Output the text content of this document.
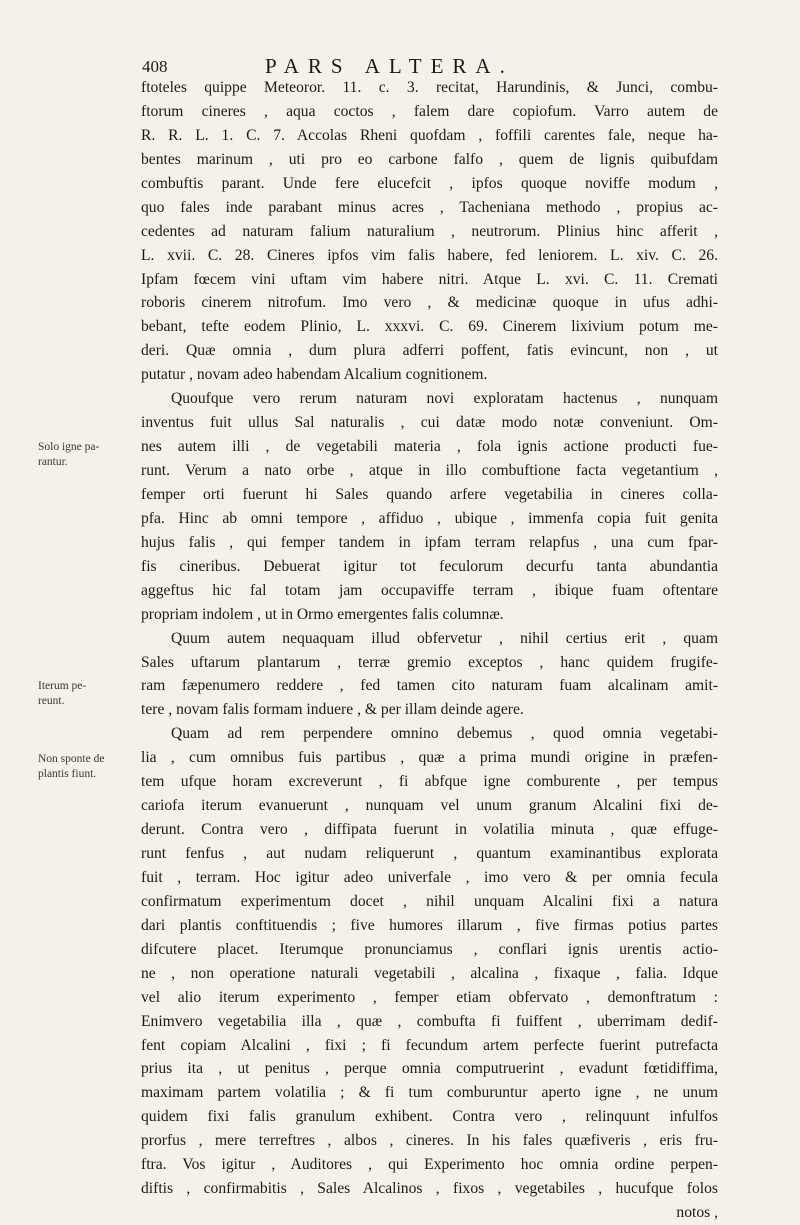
408	PARS ALTERA.
Solo igne pa-
rantur.
Iterum pe-
reunt.
Non sponte de
plantis fiunt.
ftoteles quippe Meteoror. 11. c. 3. recitat, Harundinis, & Junci, combu-
ftorum cineres , aqua coctos , falem dare copiofum. Varro autem de
R. R. L. 1. C. 7. Accolas Rheni quofdam , foffili carentes fale, neque ha-
bentes marinum , uti pro eo carbone falfo , quem de lignis quibufdam
combuftis parant. Unde fere elucefcit , ipfos quoque noviffe modum ,
quo fales inde parabant minus acres , Tacheniana methodo , propius ac-
cedentes ad naturam falium naturalium , neutrorum. Plinius hinc afferit ,
L. xvii. C. 28. Cineres ipfos vim falis habere, fed leniorem. L. xiv. C. 26.
Ipfam fœcem vini uftam vim habere nitri. Atque L. xvi. C. 11. Cremati
roboris cinerem nitrofum. Imo vero , & medicinæ quoque in ufus adhi-
bebant, tefte eodem Plinio, L. xxxvi. C. 69. Cinerem lixivium potum me-
deri. Quæ omnia , dum plura adferri poffent, fatis evincunt, non , ut
putatur , novam adeo habendam Alcalium cognitionem.
Quoufque vero rerum naturam novi exploratam hactenus , nunquam
inventus fuit ullus Sal naturalis , cui datæ modo notæ conveniunt. Om-
nes autem illi , de vegetabili materia , fola ignis actione producti fue-
runt. Verum a nato orbe , atque in illo combuftione facta vegetantium ,
femper orti fuerunt hi Sales quando arfere vegetabilia in cineres colla-
pfa. Hinc ab omni tempore , affiduo , ubique , immenfa copia fuit genita
hujus falis , qui femper tandem in ipfam terram relapfus , una cum fpar-
fis cineribus. Debuerat igitur tot feculorum decurfu tanta abundantia
aggeftus hic fal totam jam occupaviffe terram , ibique fuam oftentare
propriam indolem , ut in Ormo emergentes falis columnæ.
Quum autem nequaquam illud obfervetur , nihil certius erit , quam
Sales uftarum plantarum , terræ gremio exceptos , hanc quidem frugife-
ram fæpenumero reddere , fed tamen cito naturam fuam alcalinam amit-
tere , novam falis formam induere , & per illam deinde agere.
Quam ad rem perpendere omnino debemus , quod omnia vegetabi-
lia , cum omnibus fuis partibus , quæ a prima mundi origine in præfen-
tem ufque horam excreverunt , fi abfque igne comburente , per tempus
cariofa iterum evanuerunt , nunquam vel unum granum Alcalini fixi de-
derunt. Contra vero , diffipata fuerunt in volatilia minuta , quæ effuge-
runt fenfus , aut nudam reliquerunt , quantum examinantibus explorata
fuit , terram. Hoc igitur adeo univerfale , imo vero & per omnia fecula
confirmatum experimentum docet , nihil unquam Alcalini fixi a natura
dari plantis conftituendis ; five humores illarum , five firmas potius partes
difcutere placet. Iterumque pronunciamus , conflari ignis urentis actio-
ne , non operatione naturali vegetabili , alcalina , fixaque , falia. Idque
vel alio iterum experimento , femper etiam obfervato , demonftratum :
Enimvero vegetabilia illa , quæ , combufta fi fuiffent , uberrimam dedif-
fent copiam Alcalini , fixi ; fi fecundum artem perfecte fuerint putrefacta
prius ita , ut penitus , perque omnia computruerint , evadunt fœtidiffima,
maximam partem volatilia ; & fi tum comburuntur aperto igne , ne unum
quidem fixi falis granulum exhibent. Contra vero , relinquunt infulfos
prorfus , mere terreftres , albos , cineres. In his fales quæfiveris , eris fru-
ftra. Vos igitur , Auditores , qui Experimento hoc omnia ordine perpen-
diftis , confirmabitis , Sales Alcalinos , fixos , vegetabiles , hucufque folos
notos ,
